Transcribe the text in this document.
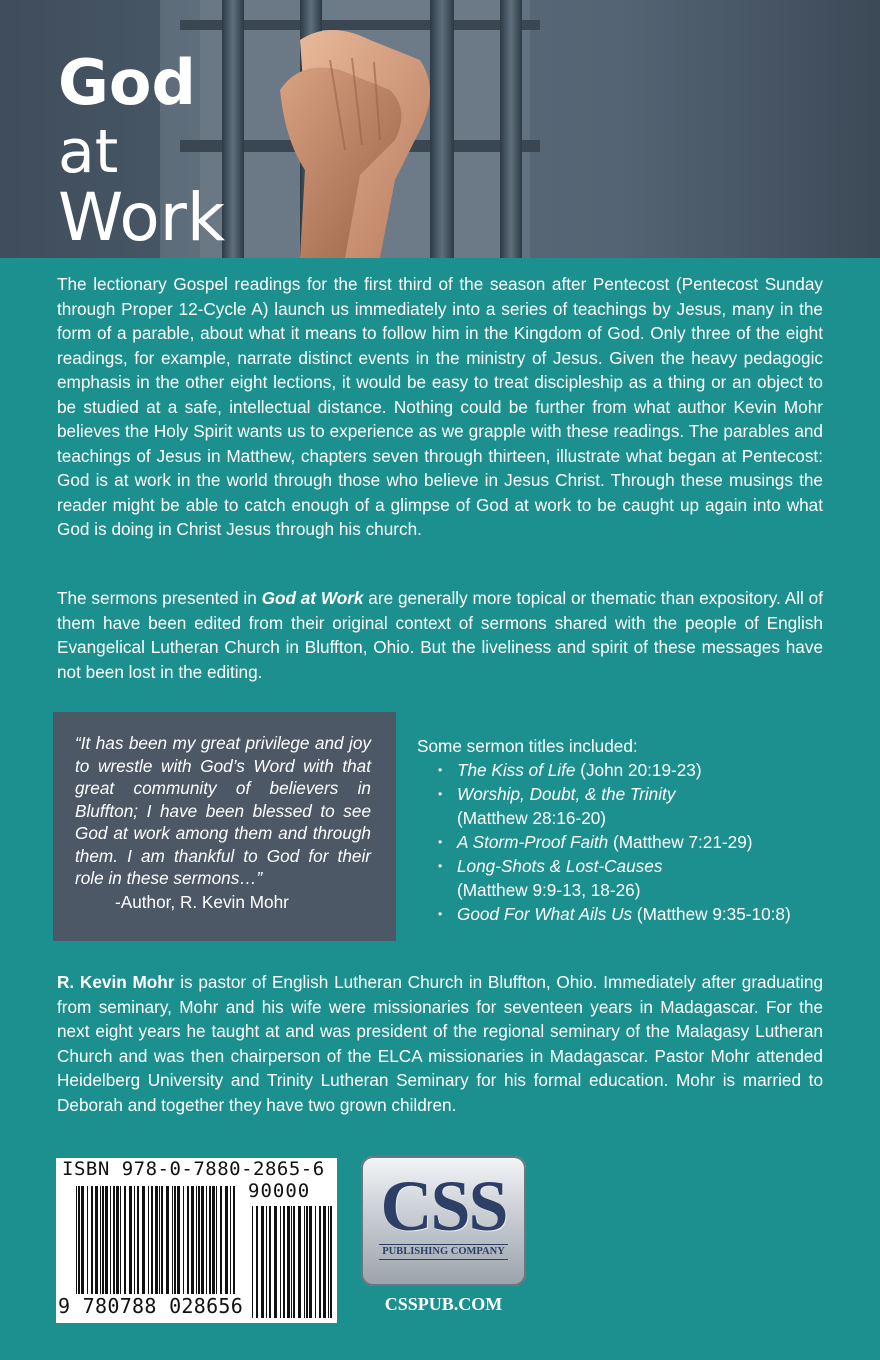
God
at
Work

The lectionary Gospel readings for the first third of the season after Pentecost (Pentecost Sunday through Proper 12-Cycle A) launch us immediately into a series of teachings by Jesus, many in the form of a parable, about what it means to follow him in the Kingdom of God. Only three of the eight readings, for example, narrate distinct events in the ministry of Jesus. Given the heavy pedagogic emphasis in the other eight lections, it would be easy to treat discipleship as a thing or an object to be studied at a safe, intellectual distance. Nothing could be further from what author Kevin Mohr believes the Holy Spirit wants us to experience as we grapple with these readings. The parables and teachings of Jesus in Matthew, chapters seven through thirteen, illustrate what began at Pentecost: God is at work in the world through those who believe in Jesus Christ. Through these musings the reader might be able to catch enough of a glimpse of God at work to be caught up again into what God is doing in Christ Jesus through his church.

The sermons presented in God at Work are generally more topical or thematic than expository. All of them have been edited from their original context of sermons shared with the people of English Evangelical Lutheran Church in Bluffton, Ohio. But the liveliness and spirit of these messages have not been lost in the editing.

“It has been my great privilege and joy to wrestle with God’s Word with that great community of believers in Bluffton; I have been blessed to see God at work among them and through them. I am thankful to God for their role in these sermons…”

-Author, R. Kevin Mohr

Some sermon titles included:

• The Kiss of Life (John 20:19-23)
• Worship, Doubt, & the Trinity
(Matthew 28:16-20)
• A Storm-Proof Faith (Matthew 7:21-29)
• Long-Shots & Lost-Causes
(Matthew 9:9-13, 18-26)
• Good For What Ails Us (Matthew 9:35-10:8)

R. Kevin Mohr is pastor of English Lutheran Church in Bluffton, Ohio. Immediately after graduating from seminary, Mohr and his wife were missionaries for seventeen years in Madagascar. For the next eight years he taught at and was president of the regional seminary of the Malagasy Lutheran Church and was then chairperson of the ELCA missionaries in Madagascar. Pastor Mohr attended Heidelberg University and Trinity Lutheran Seminary for his formal education. Mohr is married to Deborah and together they have two grown children.

ISBN 978-0-7880-2865-6
90000
9 780788 028656
CSS
PUBLISHING COMPANY
CSSPUB.COM
